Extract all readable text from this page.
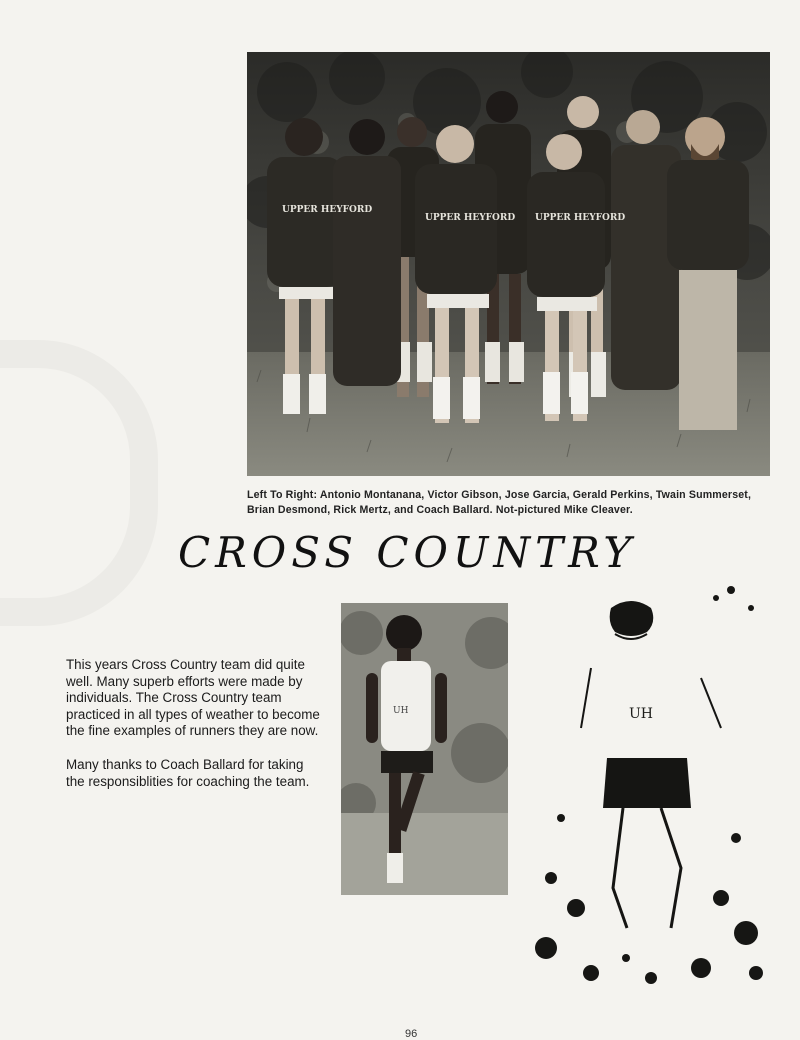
UPPER HEYFORD
UPPER HEYFORD UPPER HEYFORD
Left To Right: Antonio Montanana, Victor Gibson, Jose Garcia, Gerald Perkins, Twain Summerset, Brian Desmond, Rick Mertz, and Coach Ballard. Not-pictured Mike Cleaver.
CROSS COUNTRY

This years Cross Country team did quite well. Many superb efforts were made by individuals. The Cross Country team practiced in all types of weather to become the fine examples of runners they are now.

Many thanks to Coach Ballard for taking the responsiblities for coaching the team.

UH	UH
96
